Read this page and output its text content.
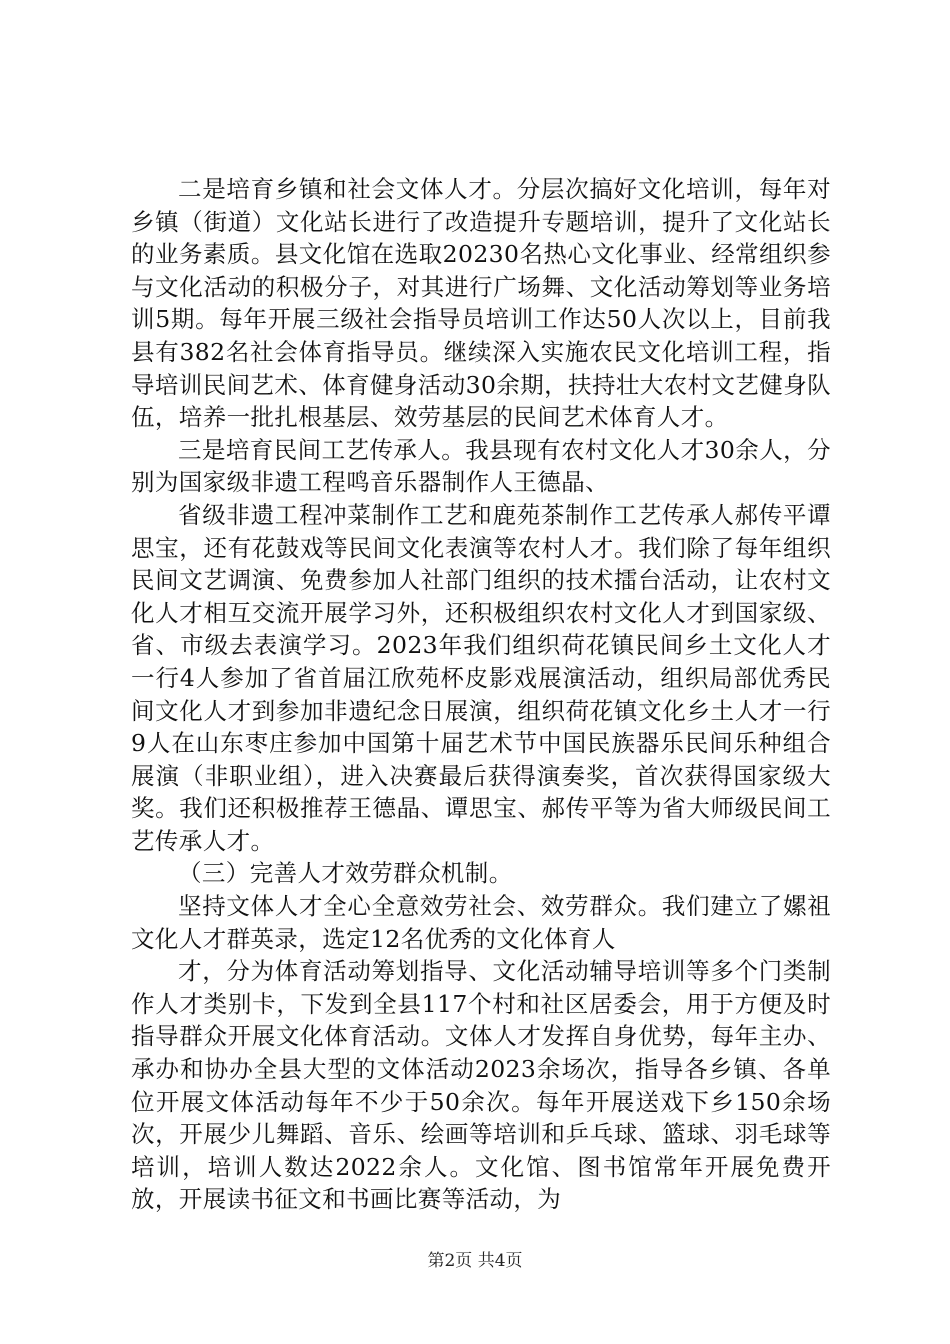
二是培育乡镇和社会文体人才。分层次搞好文化培训，每年对乡镇（街道）文化站长进行了改造提升专题培训，提升了文化站长的业务素质。县文化馆在选取20230名热心文化事业、经常组织参与文化活动的积极分子，对其进行广场舞、文化活动筹划等业务培训5期。每年开展三级社会指导员培训工作达50人次以上，目前我县有382名社会体育指导员。继续深入实施农民文化培训工程，指导培训民间艺术、体育健身活动30余期，扶持壮大农村文艺健身队伍，培养一批扎根基层、效劳基层的民间艺术体育人才。

三是培育民间工艺传承人。我县现有农村文化人才30余人，分别为国家级非遗工程鸣音乐器制作人王德晶、

省级非遗工程冲菜制作工艺和鹿苑茶制作工艺传承人郝传平谭思宝，还有花鼓戏等民间文化表演等农村人才。我们除了每年组织民间文艺调演、免费参加人社部门组织的技术擂台活动，让农村文化人才相互交流开展学习外，还积极组织农村文化人才到国家级、省、市级去表演学习。2023年我们组织荷花镇民间乡土文化人才一行4人参加了省首届江欣苑杯皮影戏展演活动，组织局部优秀民间文化人才到参加非遗纪念日展演，组织荷花镇文化乡土人才一行9人在山东枣庄参加中国第十届艺术节中国民族器乐民间乐种组合展演（非职业组），进入决赛最后获得演奏奖，首次获得国家级大奖。我们还积极推荐王德晶、谭思宝、郝传平等为省大师级民间工艺传承人才。

（三）完善人才效劳群众机制。

坚持文体人才全心全意效劳社会、效劳群众。我们建立了嫘祖文化人才群英录，选定12名优秀的文化体育人

才，分为体育活动筹划指导、文化活动辅导培训等多个门类制作人才类别卡，下发到全县117个村和社区居委会，用于方便及时指导群众开展文化体育活动。文体人才发挥自身优势，每年主办、承办和协办全县大型的文体活动2023余场次，指导各乡镇、各单位开展文体活动每年不少于50余次。每年开展送戏下乡150余场次，开展少儿舞蹈、音乐、绘画等培训和乒乓球、篮球、羽毛球等培训，培训人数达2022余人。文化馆、图书馆常年开展免费开放，开展读书征文和书画比赛等活动，为

第2页 共4页
